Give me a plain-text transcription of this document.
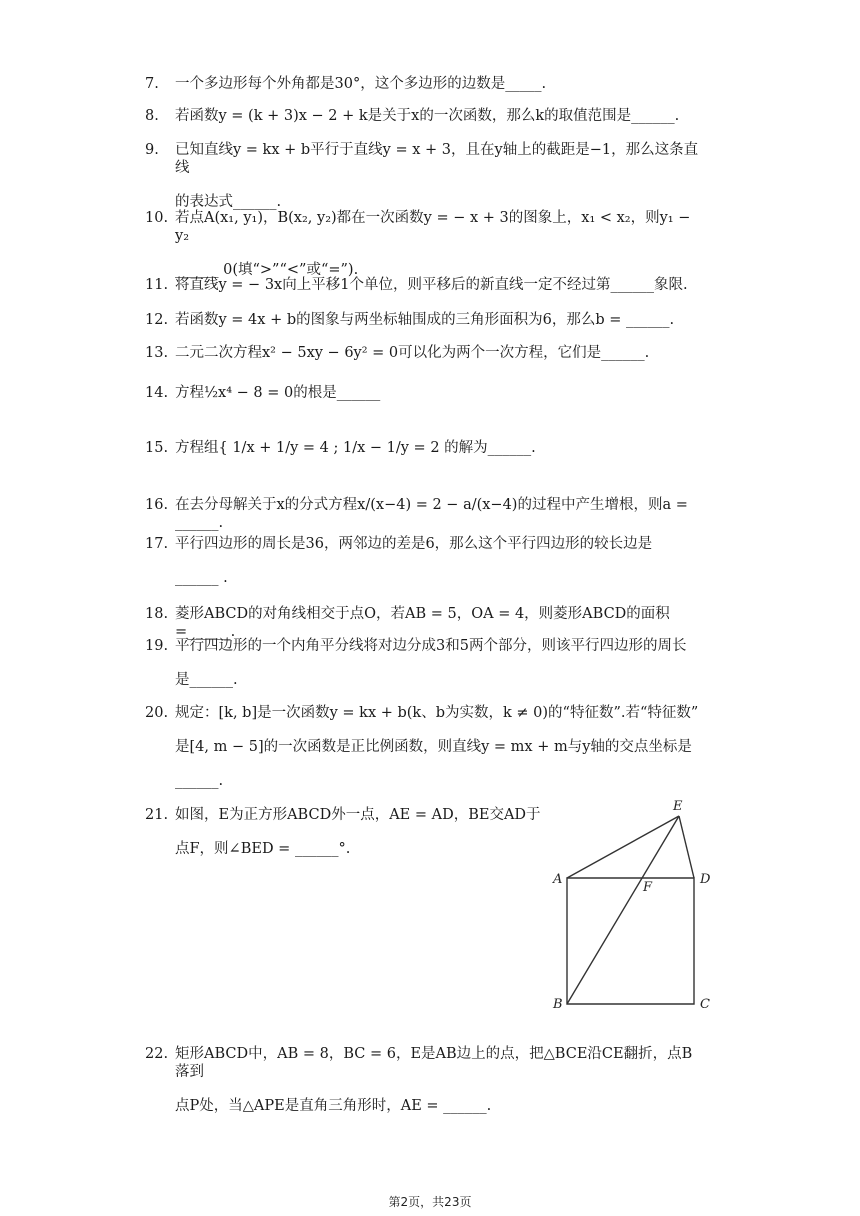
7.	一个多边形每个外角都是30°，这个多边形的边数是_____.
8.	若函数y = (k + 3)x − 2 + k是关于x的一次函数，那么k的取值范围是______.
9.	已知直线y = kx + b平行于直线y = x + 3，且在y轴上的截距是−1，那么这条直线
的表达式______.
10. 若点A(x₁, y₁)，B(x₂, y₂)都在一次函数y = − x + 3的图象上，x₁ < x₂，则y₁ − y₂
______ 0(填“>”“<”或“=”).
11. 将直线y = − 3x向上平移1个单位，则平移后的新直线一定不经过第______象限.
12. 若函数y = 4x + b的图象与两坐标轴围成的三角形面积为6，那么b = ______.
13. 二元二次方程x² − 5xy − 6y² = 0可以化为两个一次方程，它们是______.
14. 方程½x⁴ − 8 = 0的根是______
15. 方程组{ 1/x + 1/y = 4 ; 1/x − 1/y = 2 的解为______.
16. 在去分母解关于x的分式方程x/(x−4) = 2 − a/(x−4)的过程中产生增根，则a = ______.
17. 平行四边形的周长是36，两邻边的差是6，那么这个平行四边形的较长边是
______ .
18. 菱形ABCD的对角线相交于点O，若AB = 5，OA = 4，则菱形ABCD的面积=______.
19. 平行四边形的一个内角平分线将对边分成3和5两个部分，则该平行四边形的周长
是______.
20. 规定：[k, b]是一次函数y = kx + b(k、b为实数，k ≠ 0)的“特征数”.若“特征数”
是[4, m − 5]的一次函数是正比例函数，则直线y = mx + m与y轴的交点坐标是
______.
21. 如图，E为正方形ABCD外一点，AE = AD，BE交AD于
点F，则∠BED = ______°.
E
A	D
F
B	C
22. 矩形ABCD中，AB = 8，BC = 6，E是AB边上的点，把△BCE沿CE翻折，点B落到
点P处，当△APE是直角三角形时，AE = ______.
第2页，共23页
